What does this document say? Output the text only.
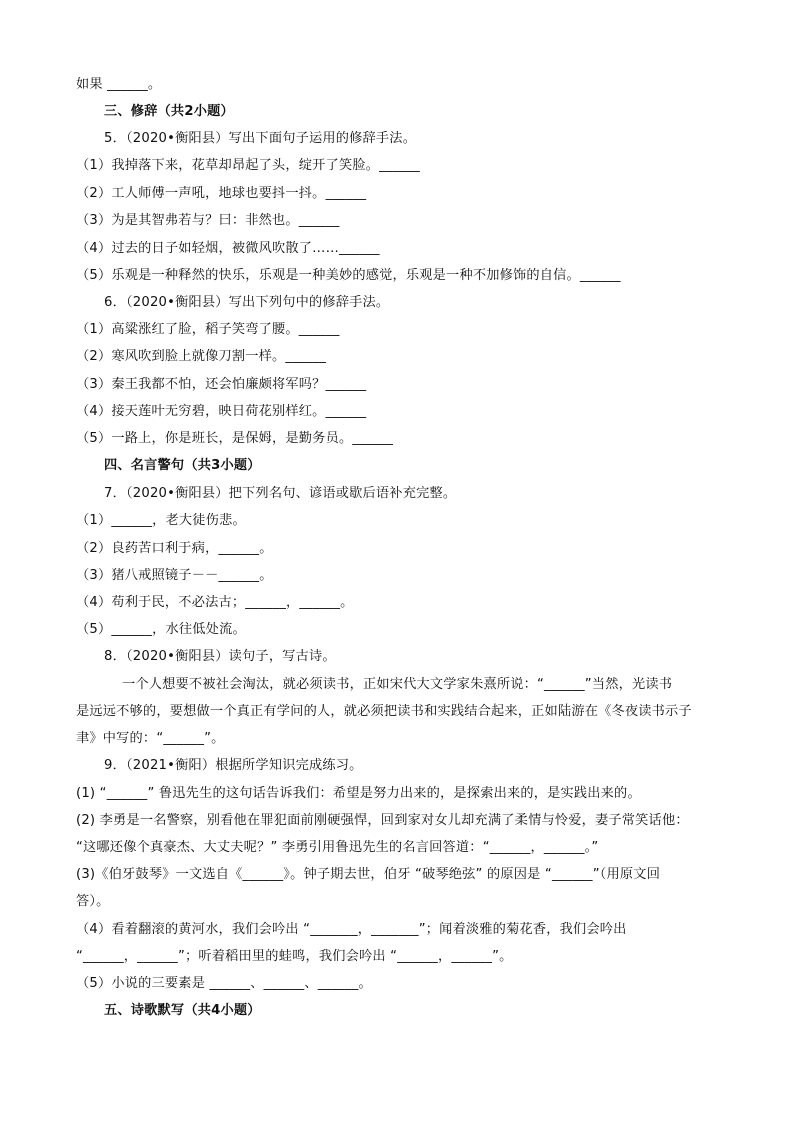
如果 ______。
三、修辞（共2小题）
5．（2020•衡阳县）写出下面句子运用的修辞手法。
（1）我掉落下来，花草却昂起了头，绽开了笑脸。______
（2）工人师傅一声吼，地球也要抖一抖。______
（3）为是其智弗若与？曰：非然也。______
（4）过去的日子如轻烟，被微风吹散了……______
（5）乐观是一种释然的快乐，乐观是一种美妙的感觉，乐观是一种不加修饰的自信。______
6．（2020•衡阳县）写出下列句中的修辞手法。
（1）高粱涨红了脸，稻子笑弯了腰。______
（2）寒风吹到脸上就像刀割一样。______
（3）秦王我都不怕，还会怕廉颇将军吗？______
（4）接天莲叶无穷碧，映日荷花别样红。______
（5）一路上，你是班长，是保姆，是勤务员。______
四、名言警句（共3小题）
7．（2020•衡阳县）把下列名句、谚语或歇后语补充完整。
（1）______，老大徒伤悲。
（2）良药苦口利于病，______。
（3）猪八戒照镜子－－______。
（4）苟利于民，不必法古；______，______。
（5）______，水往低处流。
8．（2020•衡阳县）读句子，写古诗。
一个人想要不被社会淘汰，就必须读书，正如宋代大文学家朱熹所说：“______”当然，光读书
是远远不够的，要想做一个真正有学问的人，就必须把读书和实践结合起来，正如陆游在《冬夜读书示子
聿》中写的：“______”。
9．（2021•衡阳）根据所学知识完成练习。
(1) “______” 鲁迅先生的这句话告诉我们：希望是努力出来的，是探索出来的，是实践出来的。
(2) 李勇是一名警察，别看他在罪犯面前刚硬强悍，回到家对女儿却充满了柔情与怜爱，妻子常笑话他：
“这哪还像个真豪杰、大丈夫呢？” 李勇引用鲁迅先生的名言回答道：“______，______。”
(3)《伯牙鼓琴》一文选自《______》。钟子期去世，伯牙 “破琴绝弦” 的原因是 “______”（用原文回
答）。
（4）看着翻滚的黄河水，我们会吟出 “_______，_______”；闻着淡雅的菊花香，我们会吟出
“______，______”；听着稻田里的蛙鸣，我们会吟出 “______，______”。
（5）小说的三要素是 ______、______、______。
五、诗歌默写（共4小题）
